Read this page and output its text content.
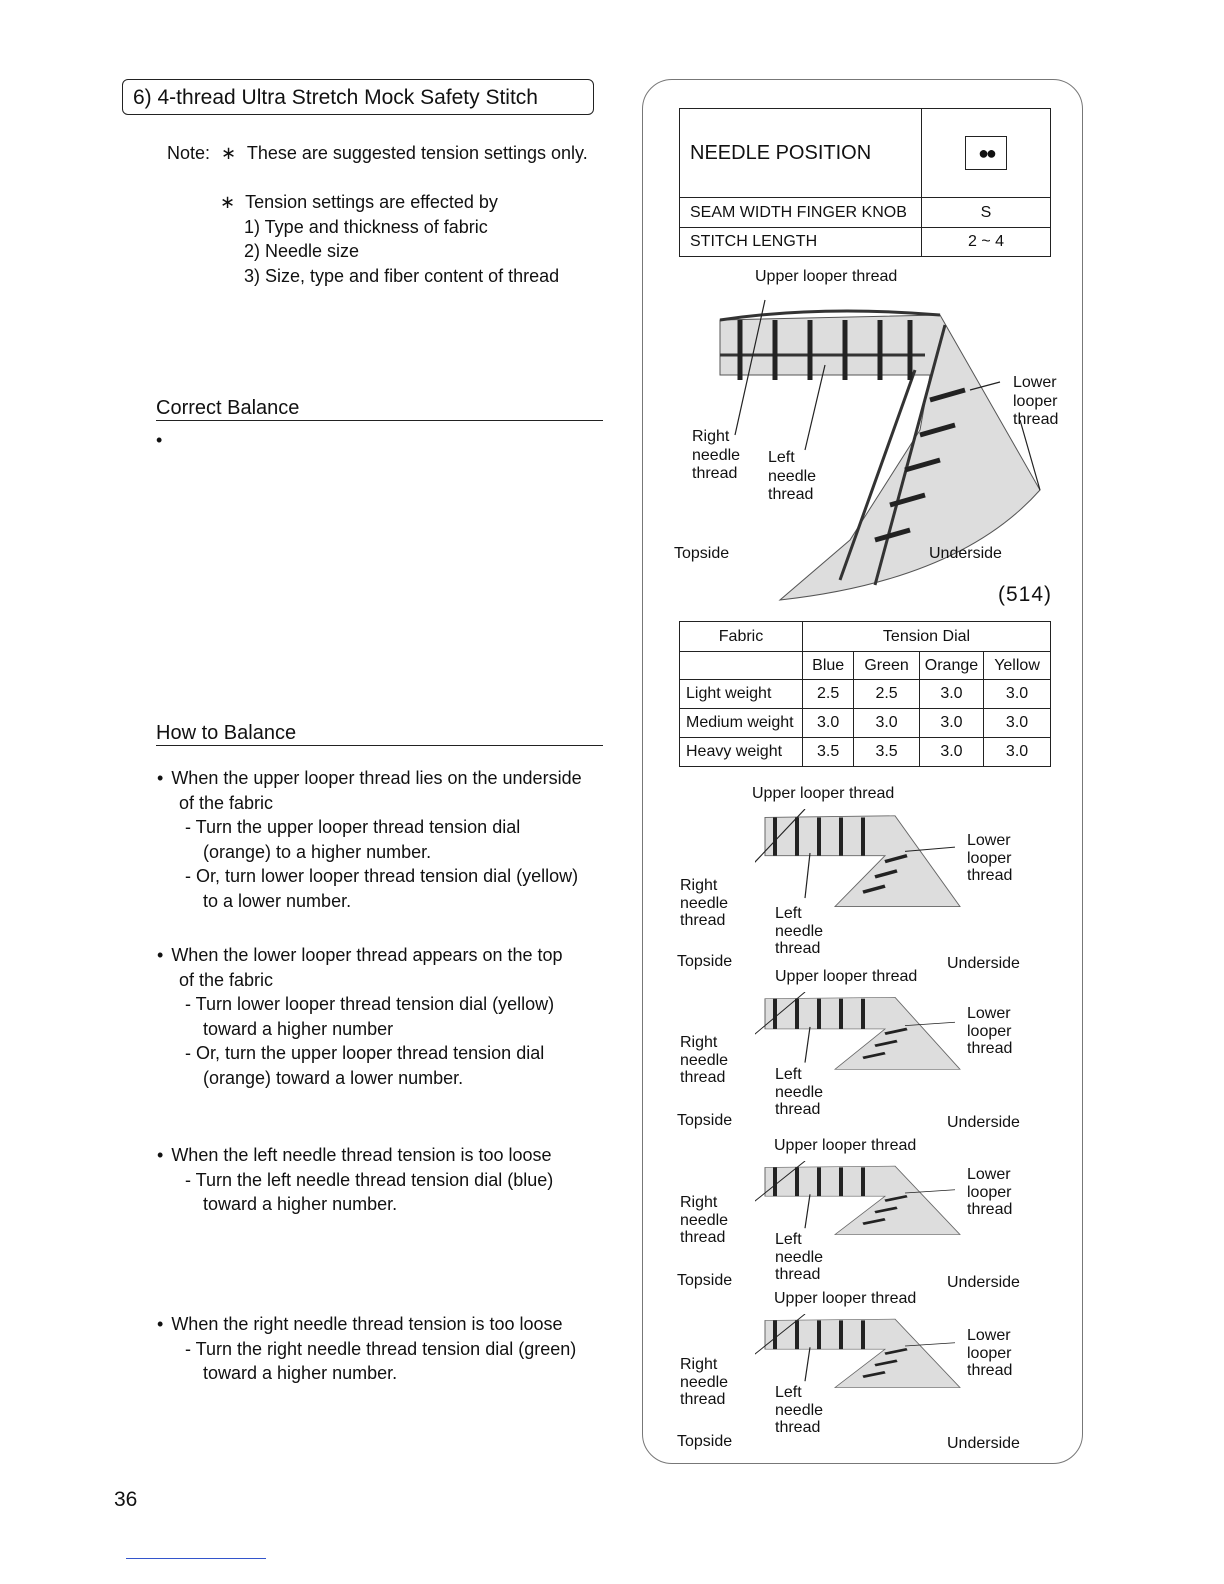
6) 4-thread Ultra Stretch Mock Safety Stitch
Note: ∗ These are suggested tension settings only.
∗ Tension settings are effected by
1) Type and thickness of fabric
2) Needle size
3) Size, type and fiber content of thread
Correct Balance
•
How to Balance
• When the upper looper thread lies on the underside
of the fabric
- Turn the upper looper thread tension dial
(orange) to a higher number.
- Or, turn lower looper thread tension dial (yellow)
to a lower number.
• When the lower looper thread appears on the top
of the fabric
- Turn lower looper thread tension dial (yellow)
toward a higher number
- Or, turn the upper looper thread tension dial
(orange) toward a lower number.
• When the left needle thread tension is too loose
- Turn the left needle thread tension dial (blue)
toward a higher number.
• When the right needle thread tension is too loose
- Turn the right needle thread tension dial (green)
toward a higher number.
NEEDLE POSITION	●●
SEAM WIDTH FINGER KNOB	S
STITCH LENGTH	2 ~ 4
Upper looper thread
Lower
looper
thread
Right
needle
thread
Left
needle
thread
Topside	Underside
(514)
Fabric	Tension Dial			
	Blue	Green	Orange	Yellow
Light weight	2.5	2.5	3.0	3.0
Medium weight	3.0	3.0	3.0	3.0
Heavy weight	3.5	3.5	3.0	3.0
Upper looper thread
Lower
looper
thread
Right
needle
thread	Left
needle
thread
Topside	Underside
Upper looper thread
Lower
looper
thread
Right
needle
thread	Left
needle
thread
Topside	Underside
Upper looper thread
Lower
looper
thread
Right
needle
thread	Left
needle
thread
Topside	Underside
Upper looper thread
Lower
looper
thread
Right
needle
thread	Left
needle
thread
Topside	Underside
36
